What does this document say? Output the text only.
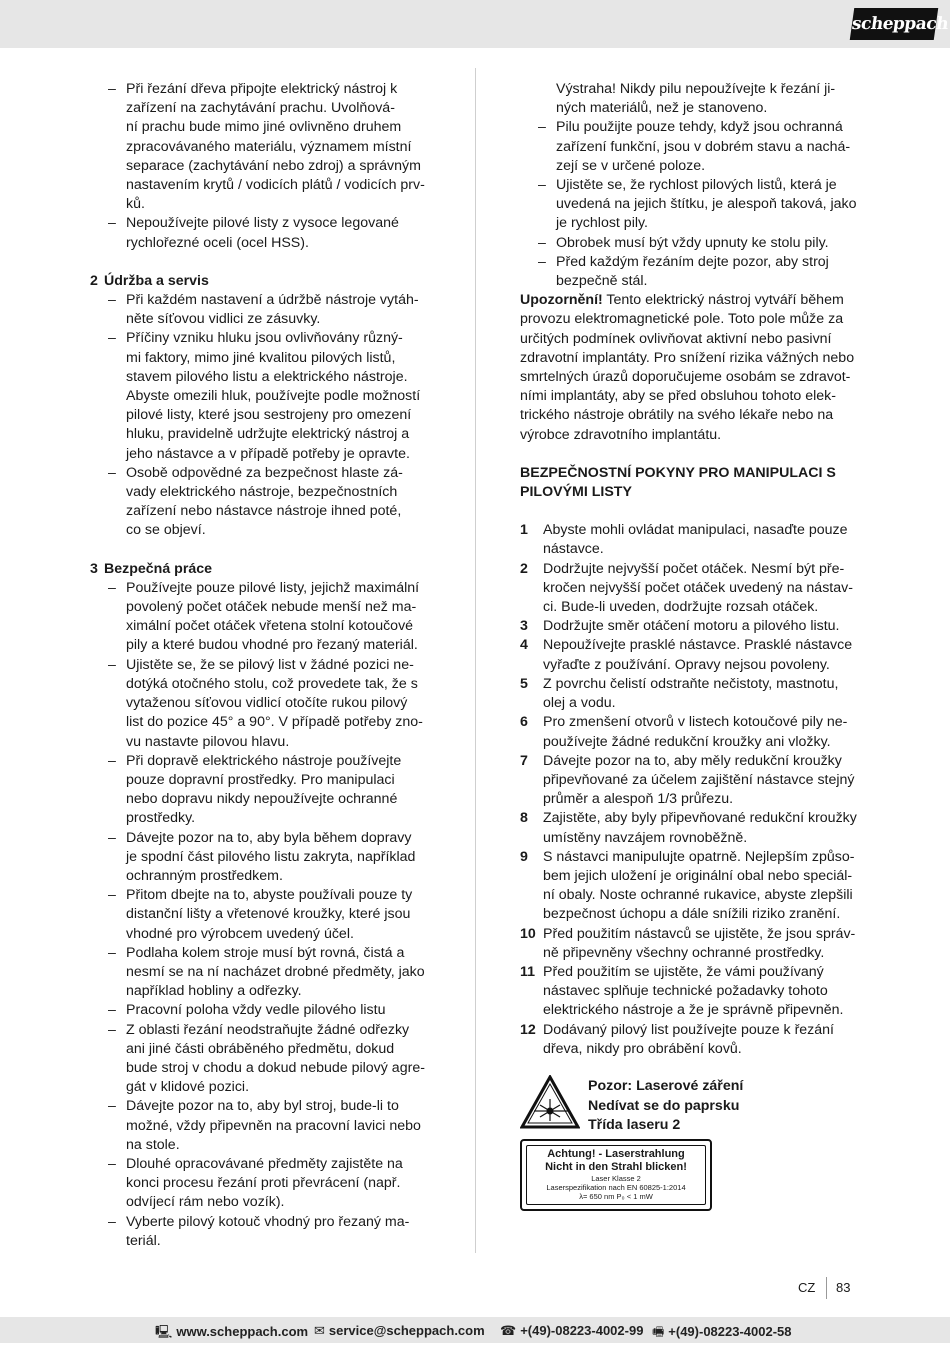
scheppach
– Při řezání dřeva připojte elektrický nástroj k
zařízení na zachytávání prachu. Uvolňová-
ní prachu bude mimo jiné ovlivněno druhem
zpracovávaného materiálu, významem místní
separace (zachytávání nebo zdroj) a správným
nastavením krytů / vodicích plátů / vodicích prv-
ků.
– Nepoužívejte pilové listy z vysoce legované
rychlořezné oceli (ocel HSS).
2 Údržba a servis
– Při každém nastavení a údržbě nástroje vytáh-
něte síťovou vidlici ze zásuvky.
– Příčiny vzniku hluku jsou ovlivňovány různý-
mi faktory, mimo jiné kvalitou pilových listů,
stavem pilového listu a elektrického nástroje.
Abyste omezili hluk, používejte podle možností
pilové listy, které jsou sestrojeny pro omezení
hluku, pravidelně udržujte elektrický nástroj a
jeho nástavce a v případě potřeby je opravte.
– Osobě odpovědné za bezpečnost hlaste zá-
vady elektrického nástroje, bezpečnostních
zařízení nebo nástavce nástroje ihned poté,
co se objeví.
3 Bezpečná práce
– Používejte pouze pilové listy, jejichž maximální
povolený počet otáček nebude menší než ma-
ximální počet otáček vřetena stolní kotoučové
pily a které budou vhodné pro řezaný materiál.
– Ujistěte se, že se pilový list v žádné pozici ne-
dotýká otočného stolu, což provedete tak, že s
vytaženou síťovou vidlicí otočíte rukou pilový
list do pozice 45° a 90°. V případě potřeby zno-
vu nastavte pilovou hlavu.
– Při dopravě elektrického nástroje používejte
pouze dopravní prostředky. Pro manipulaci
nebo dopravu nikdy nepoužívejte ochranné
prostředky.
– Dávejte pozor na to, aby byla během dopravy
je spodní část pilového listu zakryta, například
ochranným prostředkem.
– Přitom dbejte na to, abyste používali pouze ty
distanční lišty a vřetenové kroužky, které jsou
vhodné pro výrobcem uvedený účel.
– Podlaha kolem stroje musí být rovná, čistá a
nesmí se na ní nacházet drobné předměty, jako
například hobliny a odřezky.
– Pracovní poloha vždy vedle pilového listu
– Z oblasti řezání neodstraňujte žádné odřezky
ani jiné části obráběného předmětu, dokud
bude stroj v chodu a dokud nebude pilový agre-
gát v klidové pozici.
– Dávejte pozor na to, aby byl stroj, bude-li to
možné, vždy připevněn na pracovní lavici nebo
na stole.
– Dlouhé opracovávané předměty zajistěte na
konci procesu řezání proti převrácení (např.
odvíjecí rám nebo vozík).
– Vyberte pilový kotouč vhodný pro řezaný ma-
teriál.
Výstraha! Nikdy pilu nepoužívejte k řezání ji-
ných materiálů, než je stanoveno.
– Pilu použijte pouze tehdy, když jsou ochranná
zařízení funkční, jsou v dobrém stavu a nachá-
zejí se v určené poloze.
– Ujistěte se, že rychlost pilových listů, která je
uvedená na jejich štítku, je alespoň taková, jako
je rychlost pily.
– Obrobek musí být vždy upnuty ke stolu pily.
– Před každým řezáním dejte pozor, aby stroj
bezpečně stál.
Upozornění! Tento elektrický nástroj vytváří během
provozu elektromagnetické pole. Toto pole může za
určitých podmínek ovlivňovat aktivní nebo pasivní
zdravotní implantáty. Pro snížení rizika vážných nebo
smrtelných úrazů doporučujeme osobám se zdravot-
ními implantáty, aby se před obsluhou tohoto elek-
trického nástroje obrátily na svého lékaře nebo na
výrobce zdravotního implantátu.
BEZPEČNOSTNÍ POKYNY PRO MANIPULACI S
PILOVÝMI LISTY
1 Abyste mohli ovládat manipulaci, nasaďte pouze
nástavce.
2 Dodržujte nejvyšší počet otáček. Nesmí být pře-
kročen nejvyšší počet otáček uvedený na nástav-
ci. Bude-li uveden, dodržujte rozsah otáček.
3 Dodržujte směr otáčení motoru a pilového listu.
4 Nepoužívejte prasklé nástavce. Prasklé nástavce
vyřaďte z používání. Opravy nejsou povoleny.
5 Z povrchu čelistí odstraňte nečistoty, mastnotu,
olej a vodu.
6 Pro zmenšení otvorů v listech kotoučové pily ne-
používejte žádné redukční kroužky ani vložky.
7 Dávejte pozor na to, aby měly redukční kroužky
připevňované za účelem zajištění nástavce stejný
průměr a alespoň 1/3 průřezu.
8 Zajistěte, aby byly připevňované redukční kroužky
umístěny navzájem rovnoběžně.
9 S nástavci manipulujte opatrně. Nejlepším způso-
bem jejich uložení je originální obal nebo speciál-
ní obaly. Noste ochranné rukavice, abyste zlepšili
bezpečnost úchopu a dále snížili riziko zranění.
10 Před použitím nástavců se ujistěte, že jsou správ-
ně připevněny všechny ochranné prostředky.
11 Před použitím se ujistěte, že vámi používaný
nástavec splňuje technické požadavky tohoto
elektrického nástroje a že je správně připevněn.
12 Dodávaný pilový list používejte pouze k řezání
dřeva, nikdy pro obrábění kovů.
Pozor: Laserové záření
Nedívat se do paprsku
Třída laseru 2
Achtung! - Laserstrahlung
Nicht in den Strahl blicken!
Laser Klasse 2
Laserspezifikation nach EN 60825-1:2014
λ= 650 nm P₀ < 1 mW
CZ 83
🖳 www.scheppach.com ✉ service@scheppach.com ☎ +(49)-08223-4002-99 🖷 +(49)-08223-4002-58
